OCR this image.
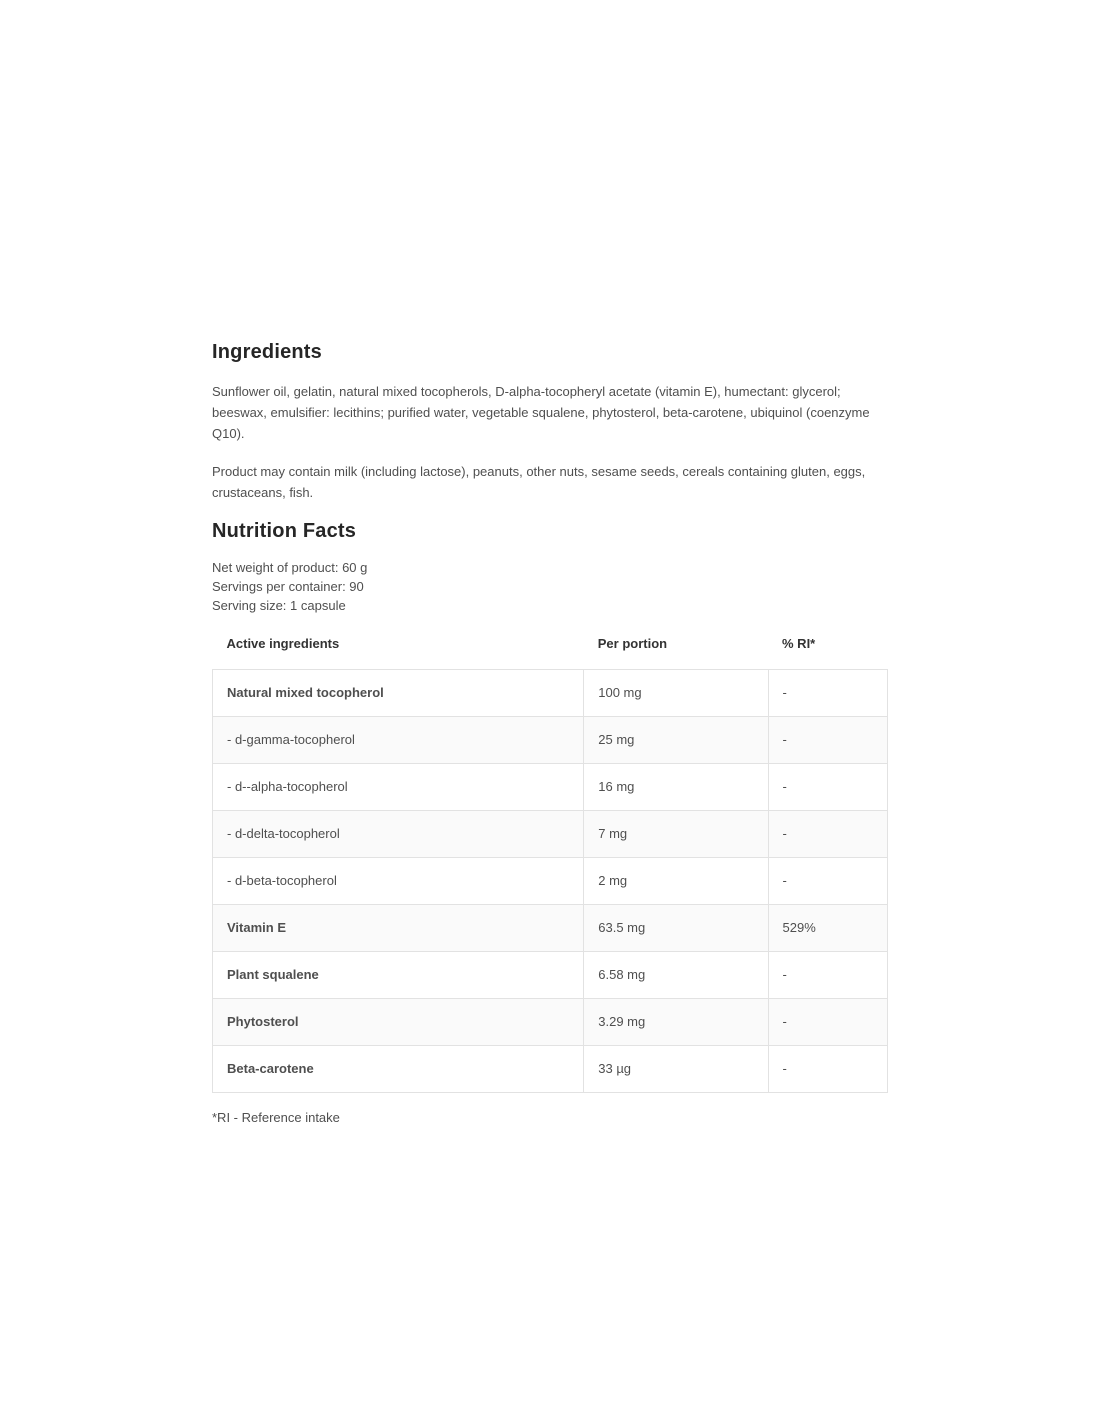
Ingredients

Sunflower oil, gelatin, natural mixed tocopherols, D-alpha-tocopheryl acetate (vitamin E), humectant: glycerol; beeswax, emulsifier: lecithins; purified water, vegetable squalene, phytosterol, beta-carotene, ubiquinol (coenzyme Q10).

Product may contain milk (including lactose), peanuts, other nuts, sesame seeds, cereals containing gluten, eggs, crustaceans, fish.

Nutrition Facts

Net weight of product: 60 g

Servings per container: 90

Serving size: 1 capsule

Active ingredients	Per portion	% RI*
Natural mixed tocopherol	100 mg	-
- d-gamma-tocopherol	25 mg	-
- d--alpha-tocopherol	16 mg	-
- d-delta-tocopherol	7 mg	-
- d-beta-tocopherol	2 mg	-
Vitamin E	63.5 mg	529%
Plant squalene	6.58 mg	-
Phytosterol	3.29 mg	-
Beta-carotene	33 µg	-

*RI - Reference intake
